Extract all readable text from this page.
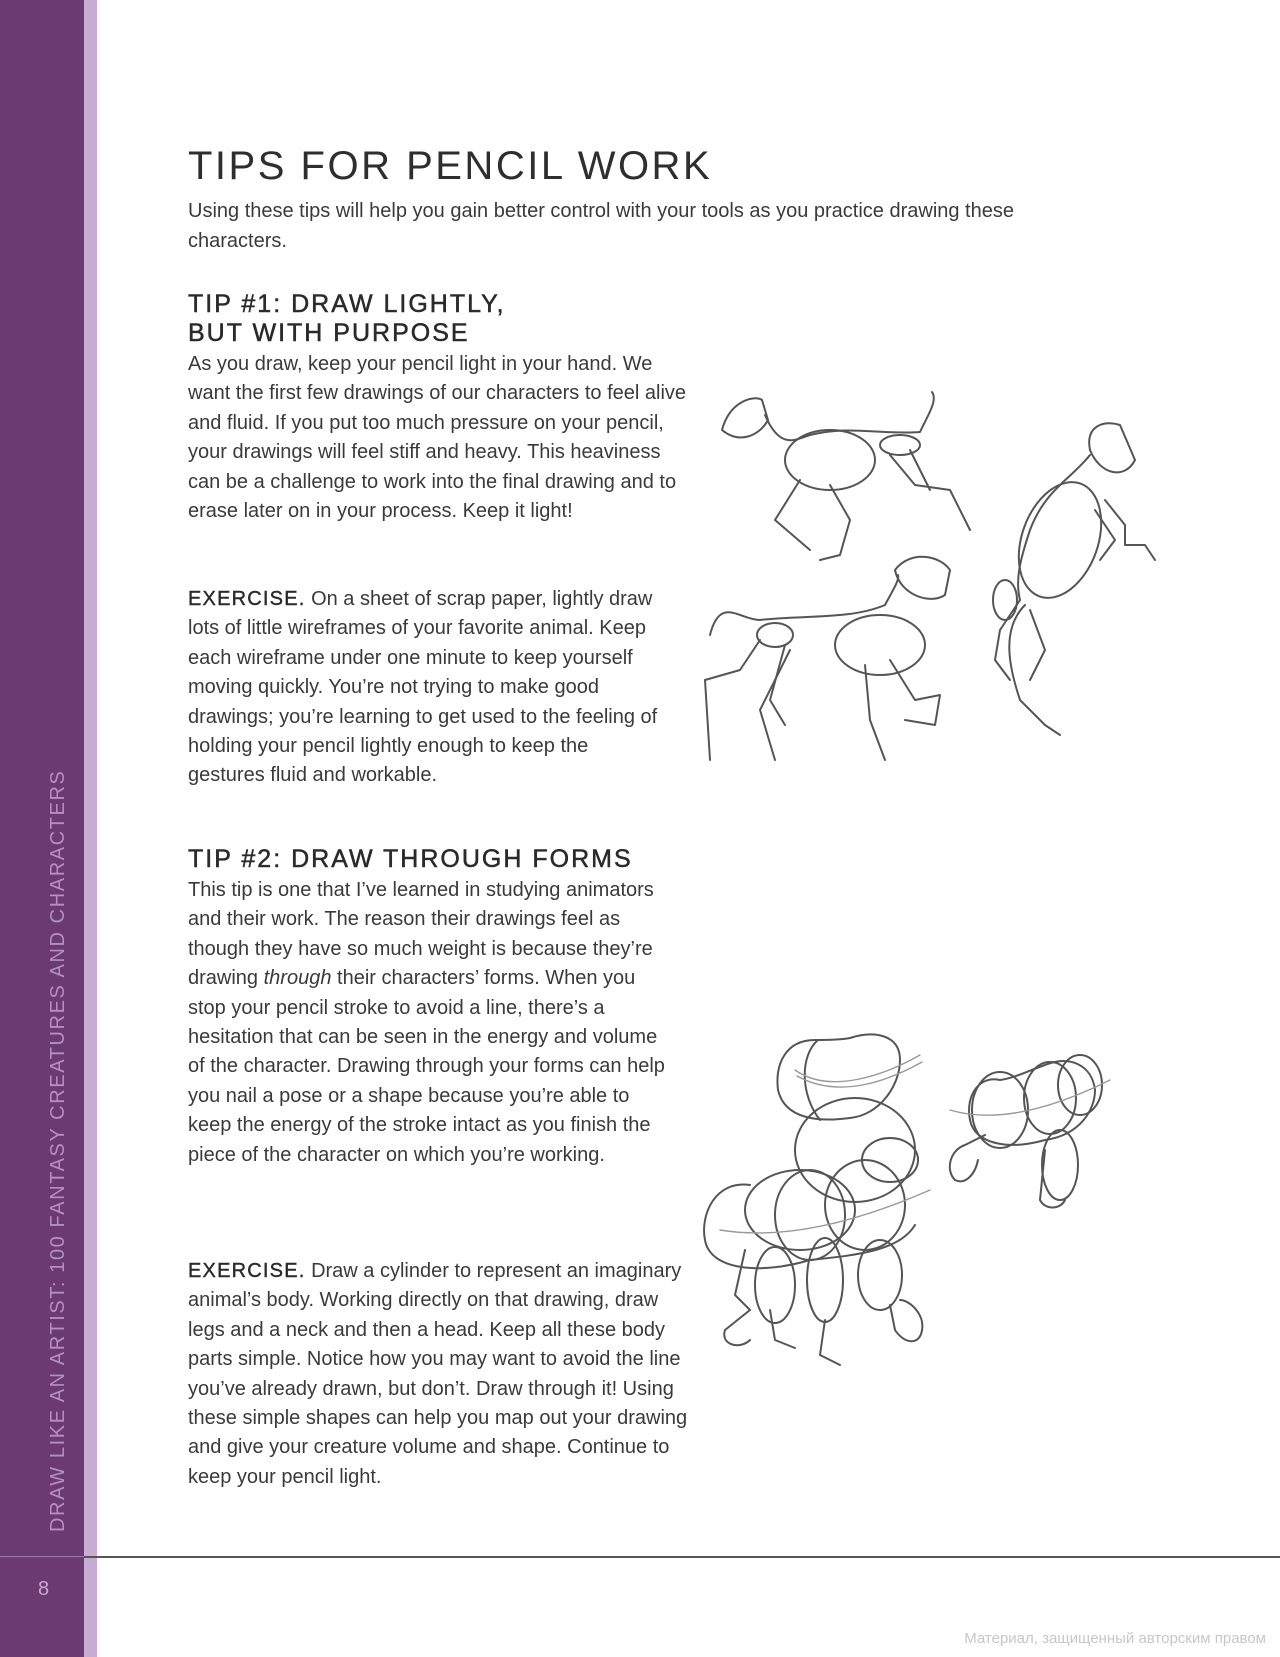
DRAW LIKE AN ARTIST: 100 FANTASY CREATURES AND CHARACTERS
8
TIPS FOR PENCIL WORK

Using these tips will help you gain better control with your tools as you practice drawing these characters.

TIP #1: DRAW LIGHTLY,
BUT WITH PURPOSE

As you draw, keep your pencil light in your hand. We want the first few drawings of our characters to feel alive and fluid. If you put too much pressure on your pencil, your drawings will feel stiff and heavy. This heaviness can be a challenge to work into the final drawing and to erase later on in your process. Keep it light!

EXERCISE. On a sheet of scrap paper, lightly draw lots of little wireframes of your favorite animal. Keep each wireframe under one minute to keep yourself moving quickly. You’re not trying to make good drawings; you’re learning to get used to the feeling of holding your pencil lightly enough to keep the gestures fluid and workable.

TIP #2: DRAW THROUGH FORMS

This tip is one that I’ve learned in studying animators and their work. The reason their drawings feel as though they have so much weight is because they’re drawing through their characters’ forms. When you stop your pencil stroke to avoid a line, there’s a hesitation that can be seen in the energy and volume of the character. Drawing through your forms can help you nail a pose or a shape because you’re able to keep the energy of the stroke intact as you finish the piece of the character on which you’re working.

EXERCISE. Draw a cylinder to represent an imaginary animal’s body. Working directly on that drawing, draw legs and a neck and then a head. Keep all these body parts simple. Notice how you may want to avoid the line you’ve already drawn, but don’t. Draw through it! Using these simple shapes can help you map out your drawing and give your creature volume and shape. Continue to keep your pencil light.

Материал, защищенный авторским правом
